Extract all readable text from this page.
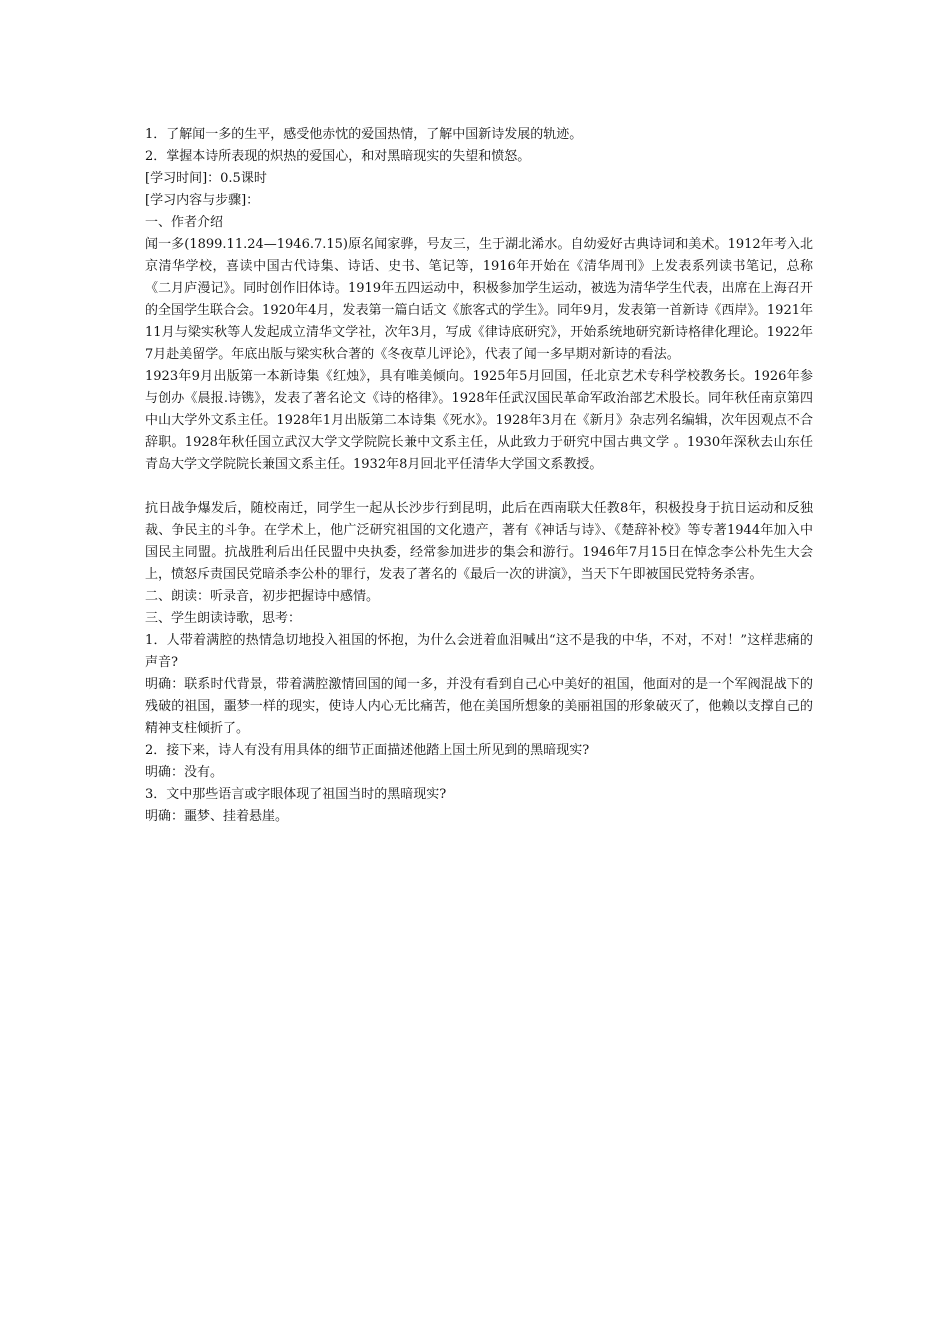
1．了解闻一多的生平，感受他赤忱的爱国热情，了解中国新诗发展的轨迹。

2．掌握本诗所表现的炽热的爱国心，和对黑暗现实的失望和愤怒。

[学习时间]：0.5课时

[学习内容与步骤]：

一、作者介绍

闻一多(1899.11.24—1946.7.15)原名闻家骅，号友三，生于湖北浠水。自幼爱好古典诗词和美术。1912年考入北京清华学校，喜读中国古代诗集、诗话、史书、笔记等，1916年开始在《清华周刊》上发表系列读书笔记，总称《二月庐漫记》。同时创作旧体诗。1919年五四运动中，积极参加学生运动，被选为清华学生代表，出席在上海召开的全国学生联合会。1920年4月，发表第一篇白话文《旅客式的学生》。同年9月，发表第一首新诗《西岸》。1921年11月与梁实秋等人发起成立清华文学社，次年3月，写成《律诗底研究》，开始系统地研究新诗格律化理论。1922年7月赴美留学。年底出版与梁实秋合著的《冬夜草儿评论》，代表了闻一多早期对新诗的看法。

1923年9月出版第一本新诗集《红烛》，具有唯美倾向。1925年5月回国，任北京艺术专科学校教务长。1926年参与创办《晨报.诗镌》，发表了著名论文《诗的格律》。1928年任武汉国民革命军政治部艺术股长。同年秋任南京第四中山大学外文系主任。1928年1月出版第二本诗集《死水》。1928年3月在《新月》杂志列名编辑，次年因观点不合辞职。1928年秋任国立武汉大学文学院院长兼中文系主任，从此致力于研究中国古典文学 。1930年深秋去山东任青岛大学文学院院长兼国文系主任。1932年8月回北平任清华大学国文系教授。

抗日战争爆发后，随校南迁，同学生一起从长沙步行到昆明，此后在西南联大任教8年，积极投身于抗日运动和反独裁、争民主的斗争。在学术上，他广泛研究祖国的文化遗产，著有《神话与诗》、《楚辞补校》等专著1944年加入中国民主同盟。抗战胜利后出任民盟中央执委，经常参加进步的集会和游行。1946年7月15日在悼念李公朴先生大会上，愤怒斥责国民党暗杀李公朴的罪行，发表了著名的《最后一次的讲演》，当天下午即被国民党特务杀害。

二、朗读：听录音，初步把握诗中感情。

三、学生朗读诗歌，思考：

1．人带着满腔的热情急切地投入祖国的怀抱，为什么会迸着血泪喊出“这不是我的中华，不对，不对！”这样悲痛的声音?

明确：联系时代背景，带着满腔激情回国的闻一多，并没有看到自己心中美好的祖国，他面对的是一个军阀混战下的残破的祖国，噩梦一样的现实，使诗人内心无比痛苦，他在美国所想象的美丽祖国的形象破灭了，他赖以支撑自己的精神支柱倾折了。

2．接下来，诗人有没有用具体的细节正面描述他踏上国土所见到的黑暗现实?

明确：没有。

3．文中那些语言或字眼体现了祖国当时的黑暗现实?

明确：噩梦、挂着悬崖。
